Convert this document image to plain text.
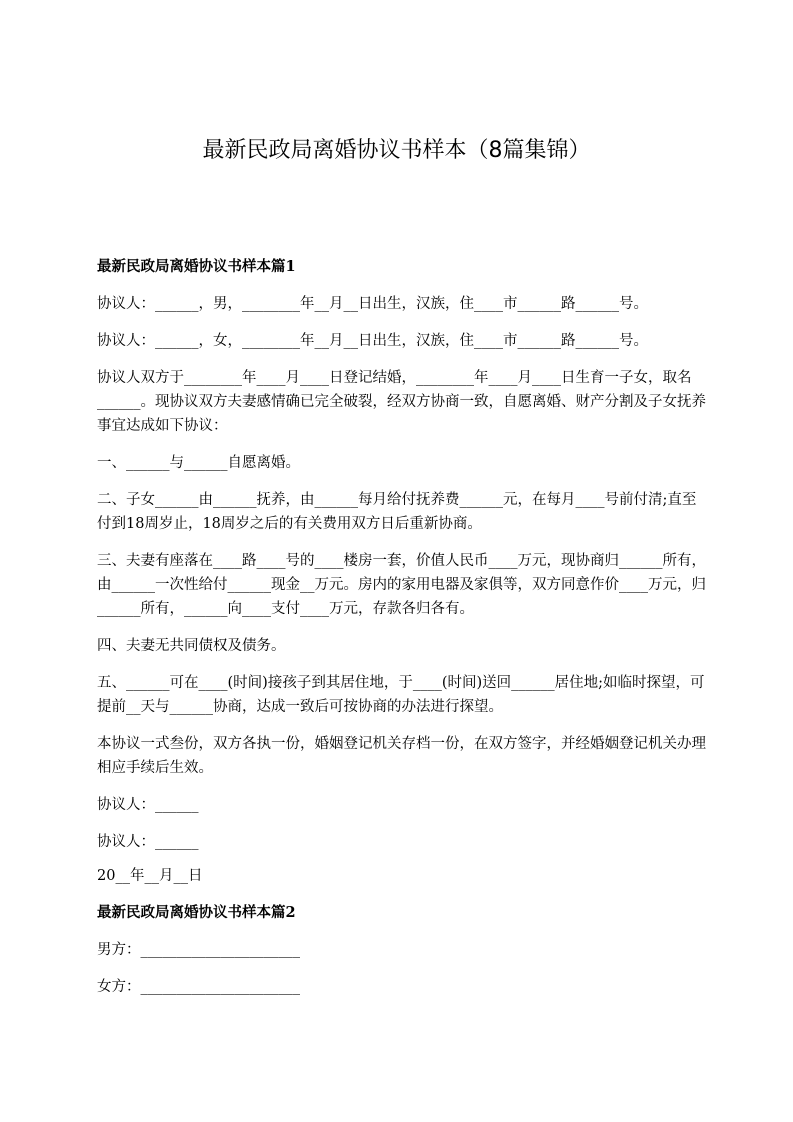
最新民政局离婚协议书样本（8篇集锦）
最新民政局离婚协议书样本篇1
协议人：______，男，________年__月__日出生，汉族，住____市______路______号。
协议人：______，女，________年__月__日出生，汉族，住____市______路______号。
协议人双方于________年____月____日登记结婚，________年____月____日生育一子女，取名______。现协议双方夫妻感情确已完全破裂，经双方协商一致，自愿离婚、财产分割及子女抚养事宜达成如下协议：
一、______与______自愿离婚。
二、子女______由______抚养，由______每月给付抚养费______元，在每月____号前付清;直至付到18周岁止，18周岁之后的有关费用双方日后重新协商。
三、夫妻有座落在____路____号的____楼房一套，价值人民币____万元，现协商归______所有，由______一次性给付______现金__万元。房内的家用电器及家俱等，双方同意作价____万元，归______所有，______向____支付____万元，存款各归各有。
四、夫妻无共同债权及债务。
五、______可在____(时间)接孩子到其居住地，于____(时间)送回______居住地;如临时探望，可提前__天与______协商，达成一致后可按协商的办法进行探望。
本协议一式叁份，双方各执一份，婚姻登记机关存档一份，在双方签字，并经婚姻登记机关办理相应手续后生效。
协议人：______
协议人：______
20__年__月__日
最新民政局离婚协议书样本篇2
男方：______________________
女方：______________________
